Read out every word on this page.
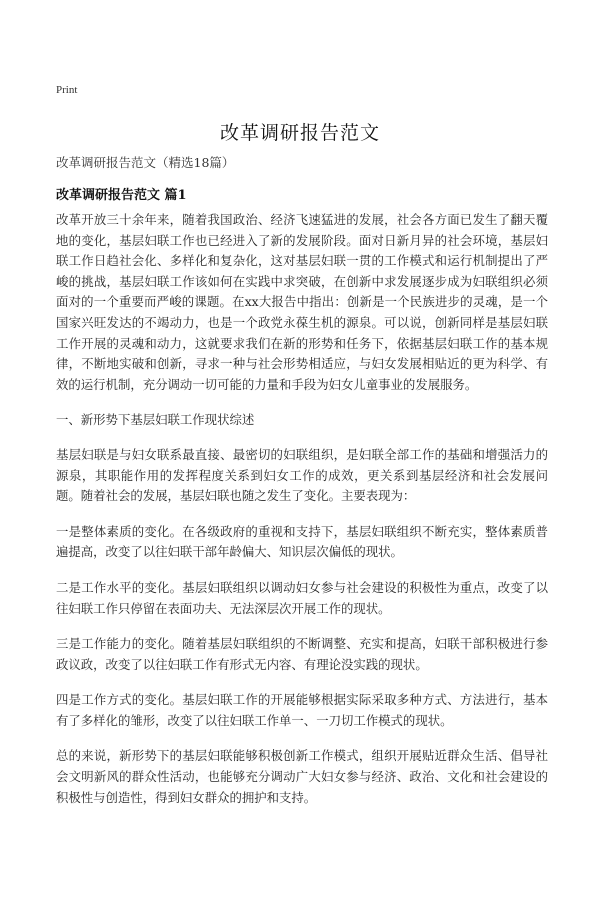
Print
改革调研报告范文
改革调研报告范文（精选18篇）
改革调研报告范文 篇1

改革开放三十余年来，随着我国政治、经济飞速猛进的发展，社会各方面已发生了翻天覆地的变化，基层妇联工作也已经进入了新的发展阶段。面对日新月异的社会环境，基层妇联工作日趋社会化、多样化和复杂化，这对基层妇联一贯的工作模式和运行机制提出了严峻的挑战，基层妇联工作该如何在实践中求突破，在创新中求发展逐步成为妇联组织必须面对的一个重要而严峻的课题。在xx大报告中指出：创新是一个民族进步的灵魂，是一个国家兴旺发达的不竭动力，也是一个政党永葆生机的源泉。可以说，创新同样是基层妇联工作开展的灵魂和动力，这就要求我们在新的形势和任务下，依据基层妇联工作的基本规律，不断地实破和创新，寻求一种与社会形势相适应，与妇女发展相贴近的更为科学、有效的运行机制，充分调动一切可能的力量和手段为妇女儿童事业的发展服务。

一、新形势下基层妇联工作现状综述

基层妇联是与妇女联系最直接、最密切的妇联组织，是妇联全部工作的基础和增强活力的源泉，其职能作用的发挥程度关系到妇女工作的成效，更关系到基层经济和社会发展问题。随着社会的发展，基层妇联也随之发生了变化。主要表现为：

一是整体素质的变化。在各级政府的重视和支持下，基层妇联组织不断充实，整体素质普遍提高，改变了以往妇联干部年龄偏大、知识层次偏低的现状。

二是工作水平的变化。基层妇联组织以调动妇女参与社会建设的积极性为重点，改变了以往妇联工作只停留在表面功夫、无法深层次开展工作的现状。

三是工作能力的变化。随着基层妇联组织的不断调整、充实和提高，妇联干部积极进行参政议政，改变了以往妇联工作有形式无内容、有理论没实践的现状。

四是工作方式的变化。基层妇联工作的开展能够根据实际采取多种方式、方法进行，基本有了多样化的雏形，改变了以往妇联工作单一、一刀切工作模式的现状。

总的来说，新形势下的基层妇联能够积极创新工作模式，组织开展贴近群众生活、倡导社会文明新风的群众性活动，也能够充分调动广大妇女参与经济、政治、文化和社会建设的积极性与创造性，得到妇女群众的拥护和支持。
